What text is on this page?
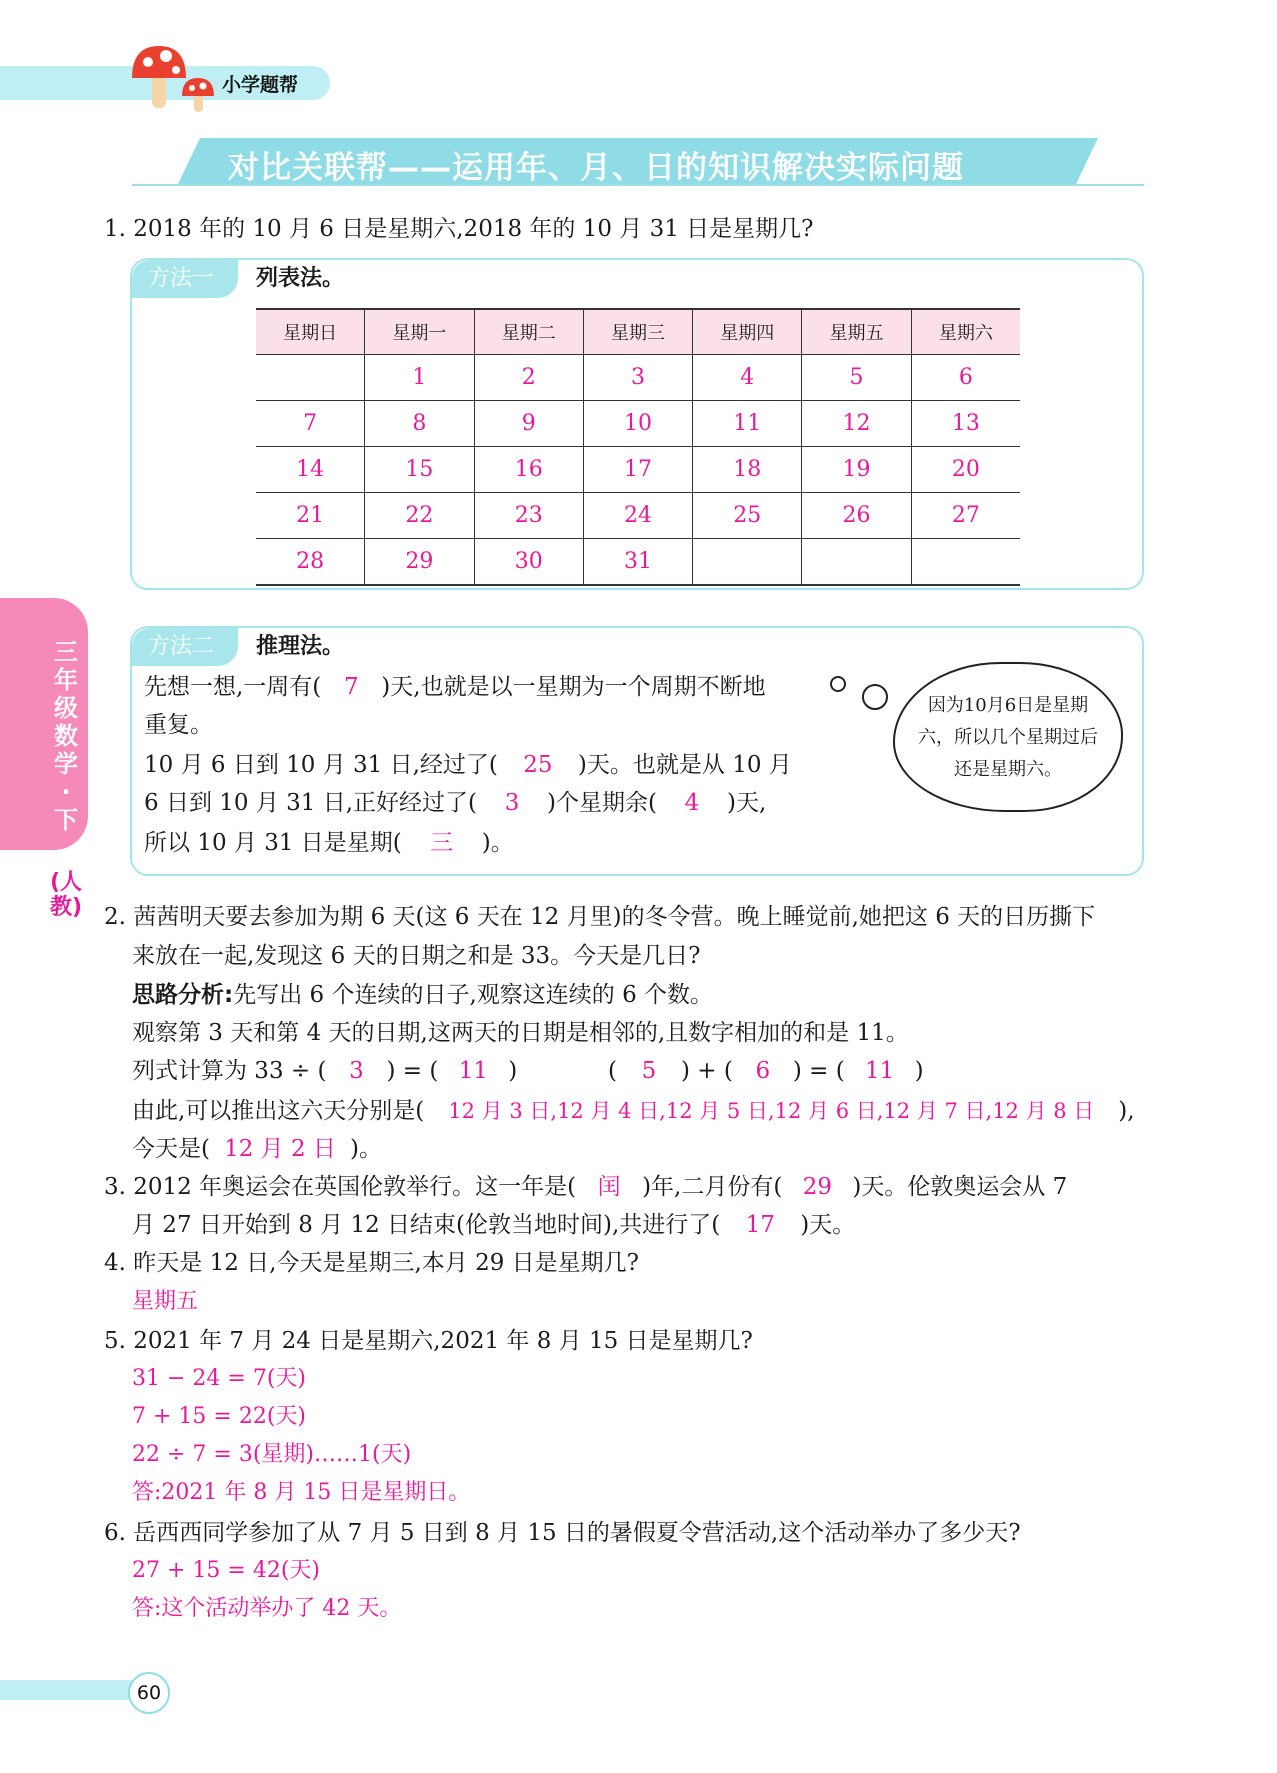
小学题帮
对比关联帮——运用年、月、日的知识解决实际问题
三年级数学·下
(人教)
1. 2018 年的 10 月 6 日是星期六,2018 年的 10 月 31 日是星期几?
方法一	列表法。
星期日	星期一	星期二	星期三	星期四	星期五	星期六
	1	2	3	4	5	6
7	8	9	10	11	12	13
14	15	16	17	18	19	20
21	22	23	24	25	26	27
28	29	30	31			
方法二	推理法。
先想一想,一周有( 7 )天,也就是以一星期为一个周期不断地
重复。
10 月 6 日到 10 月 31 日,经过了( 25 )天。也就是从 10 月
6 日到 10 月 31 日,正好经过了( 3 )个星期余( 4 )天,
所以 10 月 31 日是星期( 三 )。
因为10月6日是星期六，所以几个星期过后还是星期六。
2. 茜茜明天要去参加为期 6 天(这 6 天在 12 月里)的冬令营。晚上睡觉前,她把这 6 天的日历撕下
来放在一起,发现这 6 天的日期之和是 33。今天是几日?
思路分析:先写出 6 个连续的日子,观察这连续的 6 个数。
观察第 3 天和第 4 天的日期,这两天的日期是相邻的,且数字相加的和是 11。
列式计算为 33 ÷ ( 3 ) = ( 11 )	( 5 ) + ( 6 ) = ( 11 )
由此,可以推出这六天分别是( 12 月 3 日,12 月 4 日,12 月 5 日,12 月 6 日,12 月 7 日,12 月 8 日 ),
今天是( 12 月 2 日 )。
3. 2012 年奥运会在英国伦敦举行。这一年是( 闰 )年,二月份有( 29 )天。伦敦奥运会从 7
月 27 日开始到 8 月 12 日结束(伦敦当地时间),共进行了( 17 )天。
4. 昨天是 12 日,今天是星期三,本月 29 日是星期几?
星期五
5. 2021 年 7 月 24 日是星期六,2021 年 8 月 15 日是星期几?
31 − 24 = 7(天)
7 + 15 = 22(天)
22 ÷ 7 = 3(星期)……1(天)
答:2021 年 8 月 15 日是星期日。
6. 岳西西同学参加了从 7 月 5 日到 8 月 15 日的暑假夏令营活动,这个活动举办了多少天?
27 + 15 = 42(天)
答:这个活动举办了 42 天。
60
